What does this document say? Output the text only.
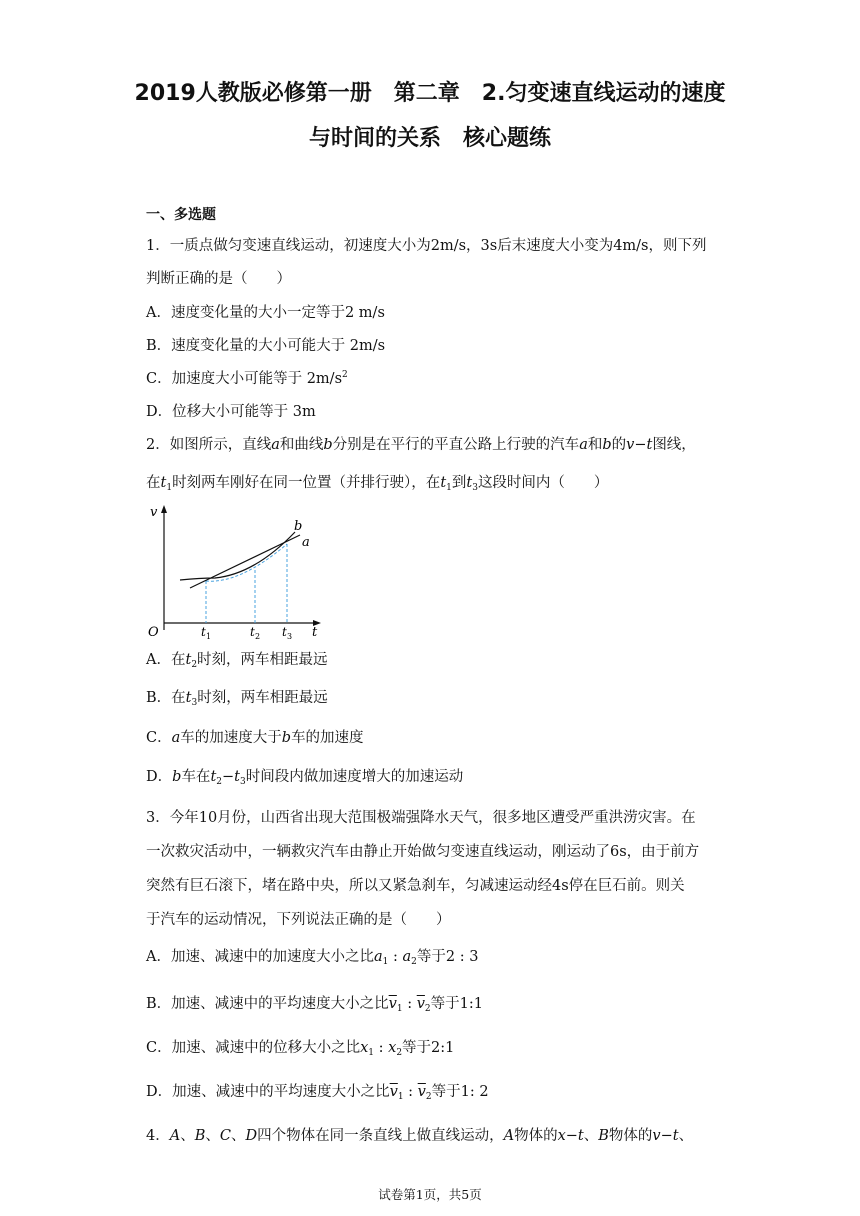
2019人教版必修第一册　第二章　2.匀变速直线运动的速度
与时间的关系　核心题练
一、多选题
1．一质点做匀变速直线运动，初速度大小为2m/s，3s后末速度大小变为4m/s，则下列
判断正确的是（　　）
A．速度变化量的大小一定等于2 m/s
B．速度变化量的大小可能大于 2m/s
C．加速度大小可能等于 $2m/s^2$
D．位移大小可能等于 3m
2．如图所示，直线a和曲线b分别是在平行的平直公路上行驶的汽车a和b的v−t图线，
在$t_1$时刻两车刚好在同一位置（并排行驶），在$t_1$到$t_3$这段时间内（　　）
v
O	t
b
a
t 1	t 2 t 3
A．在$t_2$时刻，两车相距最远
B．在$t_3$时刻，两车相距最远
C．a车的加速度大于b车的加速度
D．b车在$t_2-t_3$时间段内做加速度增大的加速运动
3．今年10月份，山西省出现大范围极端强降水天气，很多地区遭受严重洪涝灾害。在
一次救灾活动中，一辆救灾汽车由静止开始做匀变速直线运动，刚运动了6s，由于前方
突然有巨石滚下，堵在路中央，所以又紧急刹车，匀减速运动经4s停在巨石前。则关
于汽车的运动情况，下列说法正确的是（　　）
A．加速、减速中的加速度大小之比$a_1$ : $a_2$等于2 : 3
B．加速、减速中的平均速度大小之比$\overline{v}_1$ : $\overline{v}_2$等于1:1
C．加速、减速中的位移大小之比$x_1$ : $x_2$等于2:1
D．加速、减速中的平均速度大小之比$\overline{v}_1$ : $\overline{v}_2$等于1: 2
4．A、B、C、D四个物体在同一条直线上做直线运动，A物体的x−t、B物体的v−t、
试卷第1页，共5页
